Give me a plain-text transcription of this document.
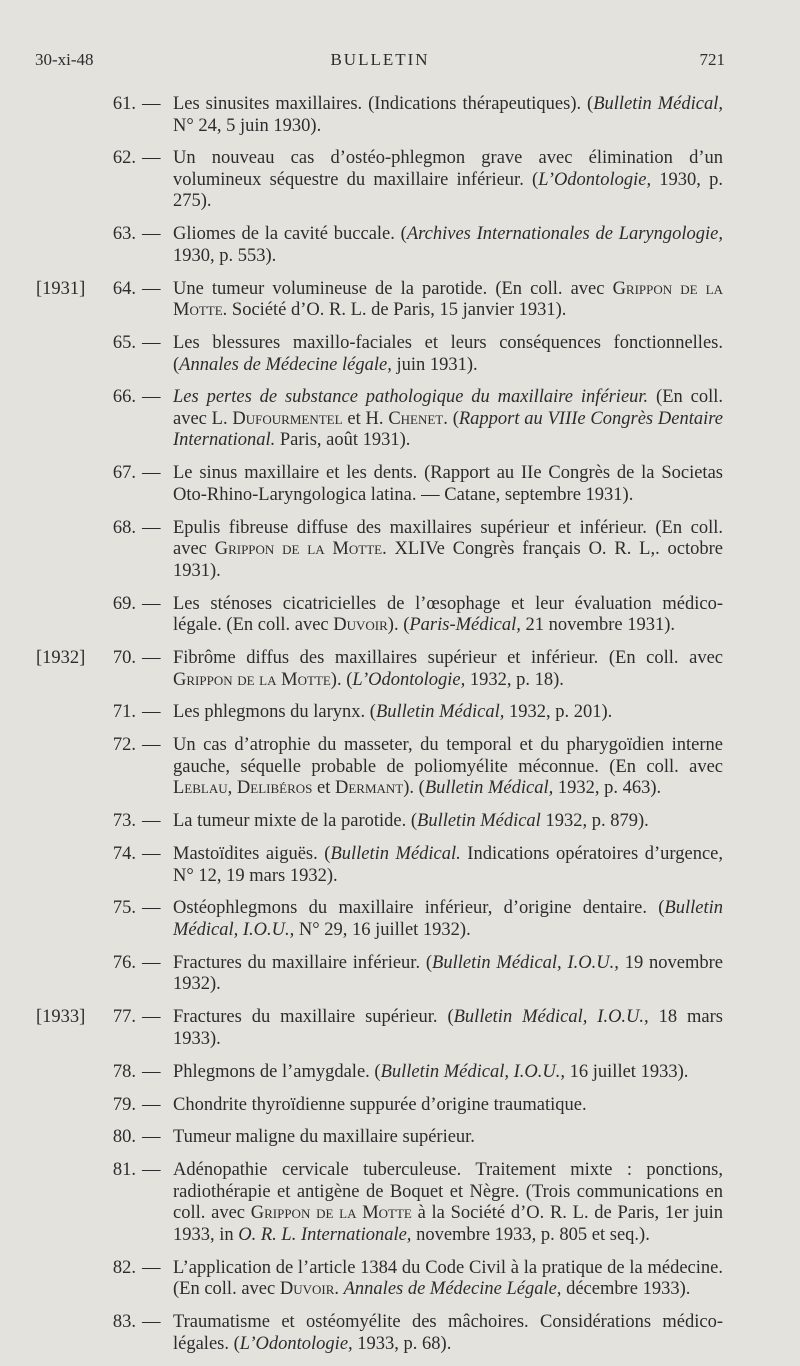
30-xi-48	BULLETIN	721
61. — Les sinusites maxillaires. (Indications thérapeutiques). (Bulletin Médical, N° 24, 5 juin 1930).
62. — Un nouveau cas d’ostéo-phlegmon grave avec élimination d’un volumineux séquestre du maxillaire inférieur. (L’Odontologie, 1930, p. 275).
63. — Gliomes de la cavité buccale. (Archives Internationales de Laryngologie, 1930, p. 553).
[1931]	64. — Une tumeur volumineuse de la parotide. (En coll. avec Grippon de la Motte. Société d’O. R. L. de Paris, 15 janvier 1931).
65. — Les blessures maxillo-faciales et leurs conséquences fonctionnelles. (Annales de Médecine légale, juin 1931).
66. — Les pertes de substance pathologique du maxillaire inférieur. (En coll. avec L. Dufourmentel et H. Chenet. (Rapport au VIIIe Congrès Dentaire International. Paris, août 1931).
67. — Le sinus maxillaire et les dents. (Rapport au IIe Congrès de la Societas Oto-Rhino-Laryngologica latina. — Catane, septembre 1931).
68. — Epulis fibreuse diffuse des maxillaires supérieur et inférieur. (En coll. avec Grippon de la Motte. XLIVe Congrès français O. R. L,. octobre 1931).
69. — Les sténoses cicatricielles de l’œsophage et leur évaluation médico-légale. (En coll. avec Duvoir). (Paris-Médical, 21 novembre 1931).
[1932]	70. — Fibrôme diffus des maxillaires supérieur et inférieur. (En coll. avec Grippon de la Motte). (L’Odontologie, 1932, p. 18).
71. — Les phlegmons du larynx. (Bulletin Médical, 1932, p. 201).
72. — Un cas d’atrophie du masseter, du temporal et du pharygoïdien interne gauche, séquelle probable de poliomyélite méconnue. (En coll. avec Leblau, Delibéros et Dermant). (Bulletin Médical, 1932, p. 463).
73. — La tumeur mixte de la parotide. (Bulletin Médical 1932, p. 879).
74. — Mastoïdites aiguës. (Bulletin Médical. Indications opératoires d’urgence, N° 12, 19 mars 1932).
75. — Ostéophlegmons du maxillaire inférieur, d’origine dentaire. (Bulletin Médical, I.O.U., N° 29, 16 juillet 1932).
76. — Fractures du maxillaire inférieur. (Bulletin Médical, I.O.U., 19 novembre 1932).
[1933]	77. — Fractures du maxillaire supérieur. (Bulletin Médical, I.O.U., 18 mars 1933).
78. — Phlegmons de l’amygdale. (Bulletin Médical, I.O.U., 16 juillet 1933).
79. — Chondrite thyroïdienne suppurée d’origine traumatique.
80. — Tumeur maligne du maxillaire supérieur.
81. — Adénopathie cervicale tuberculeuse. Traitement mixte : ponctions, radiothérapie et antigène de Boquet et Nègre. (Trois communications en coll. avec Grippon de la Motte à la Société d’O. R. L. de Paris, 1er juin 1933, in O. R. L. Internationale, novembre 1933, p. 805 et seq.).
82. — L’application de l’article 1384 du Code Civil à la pratique de la médecine. (En coll. avec Duvoir. Annales de Médecine Légale, décembre 1933).
83. — Traumatisme et ostéomyélite des mâchoires. Considérations médico-légales. (L’Odontologie, 1933, p. 68).
